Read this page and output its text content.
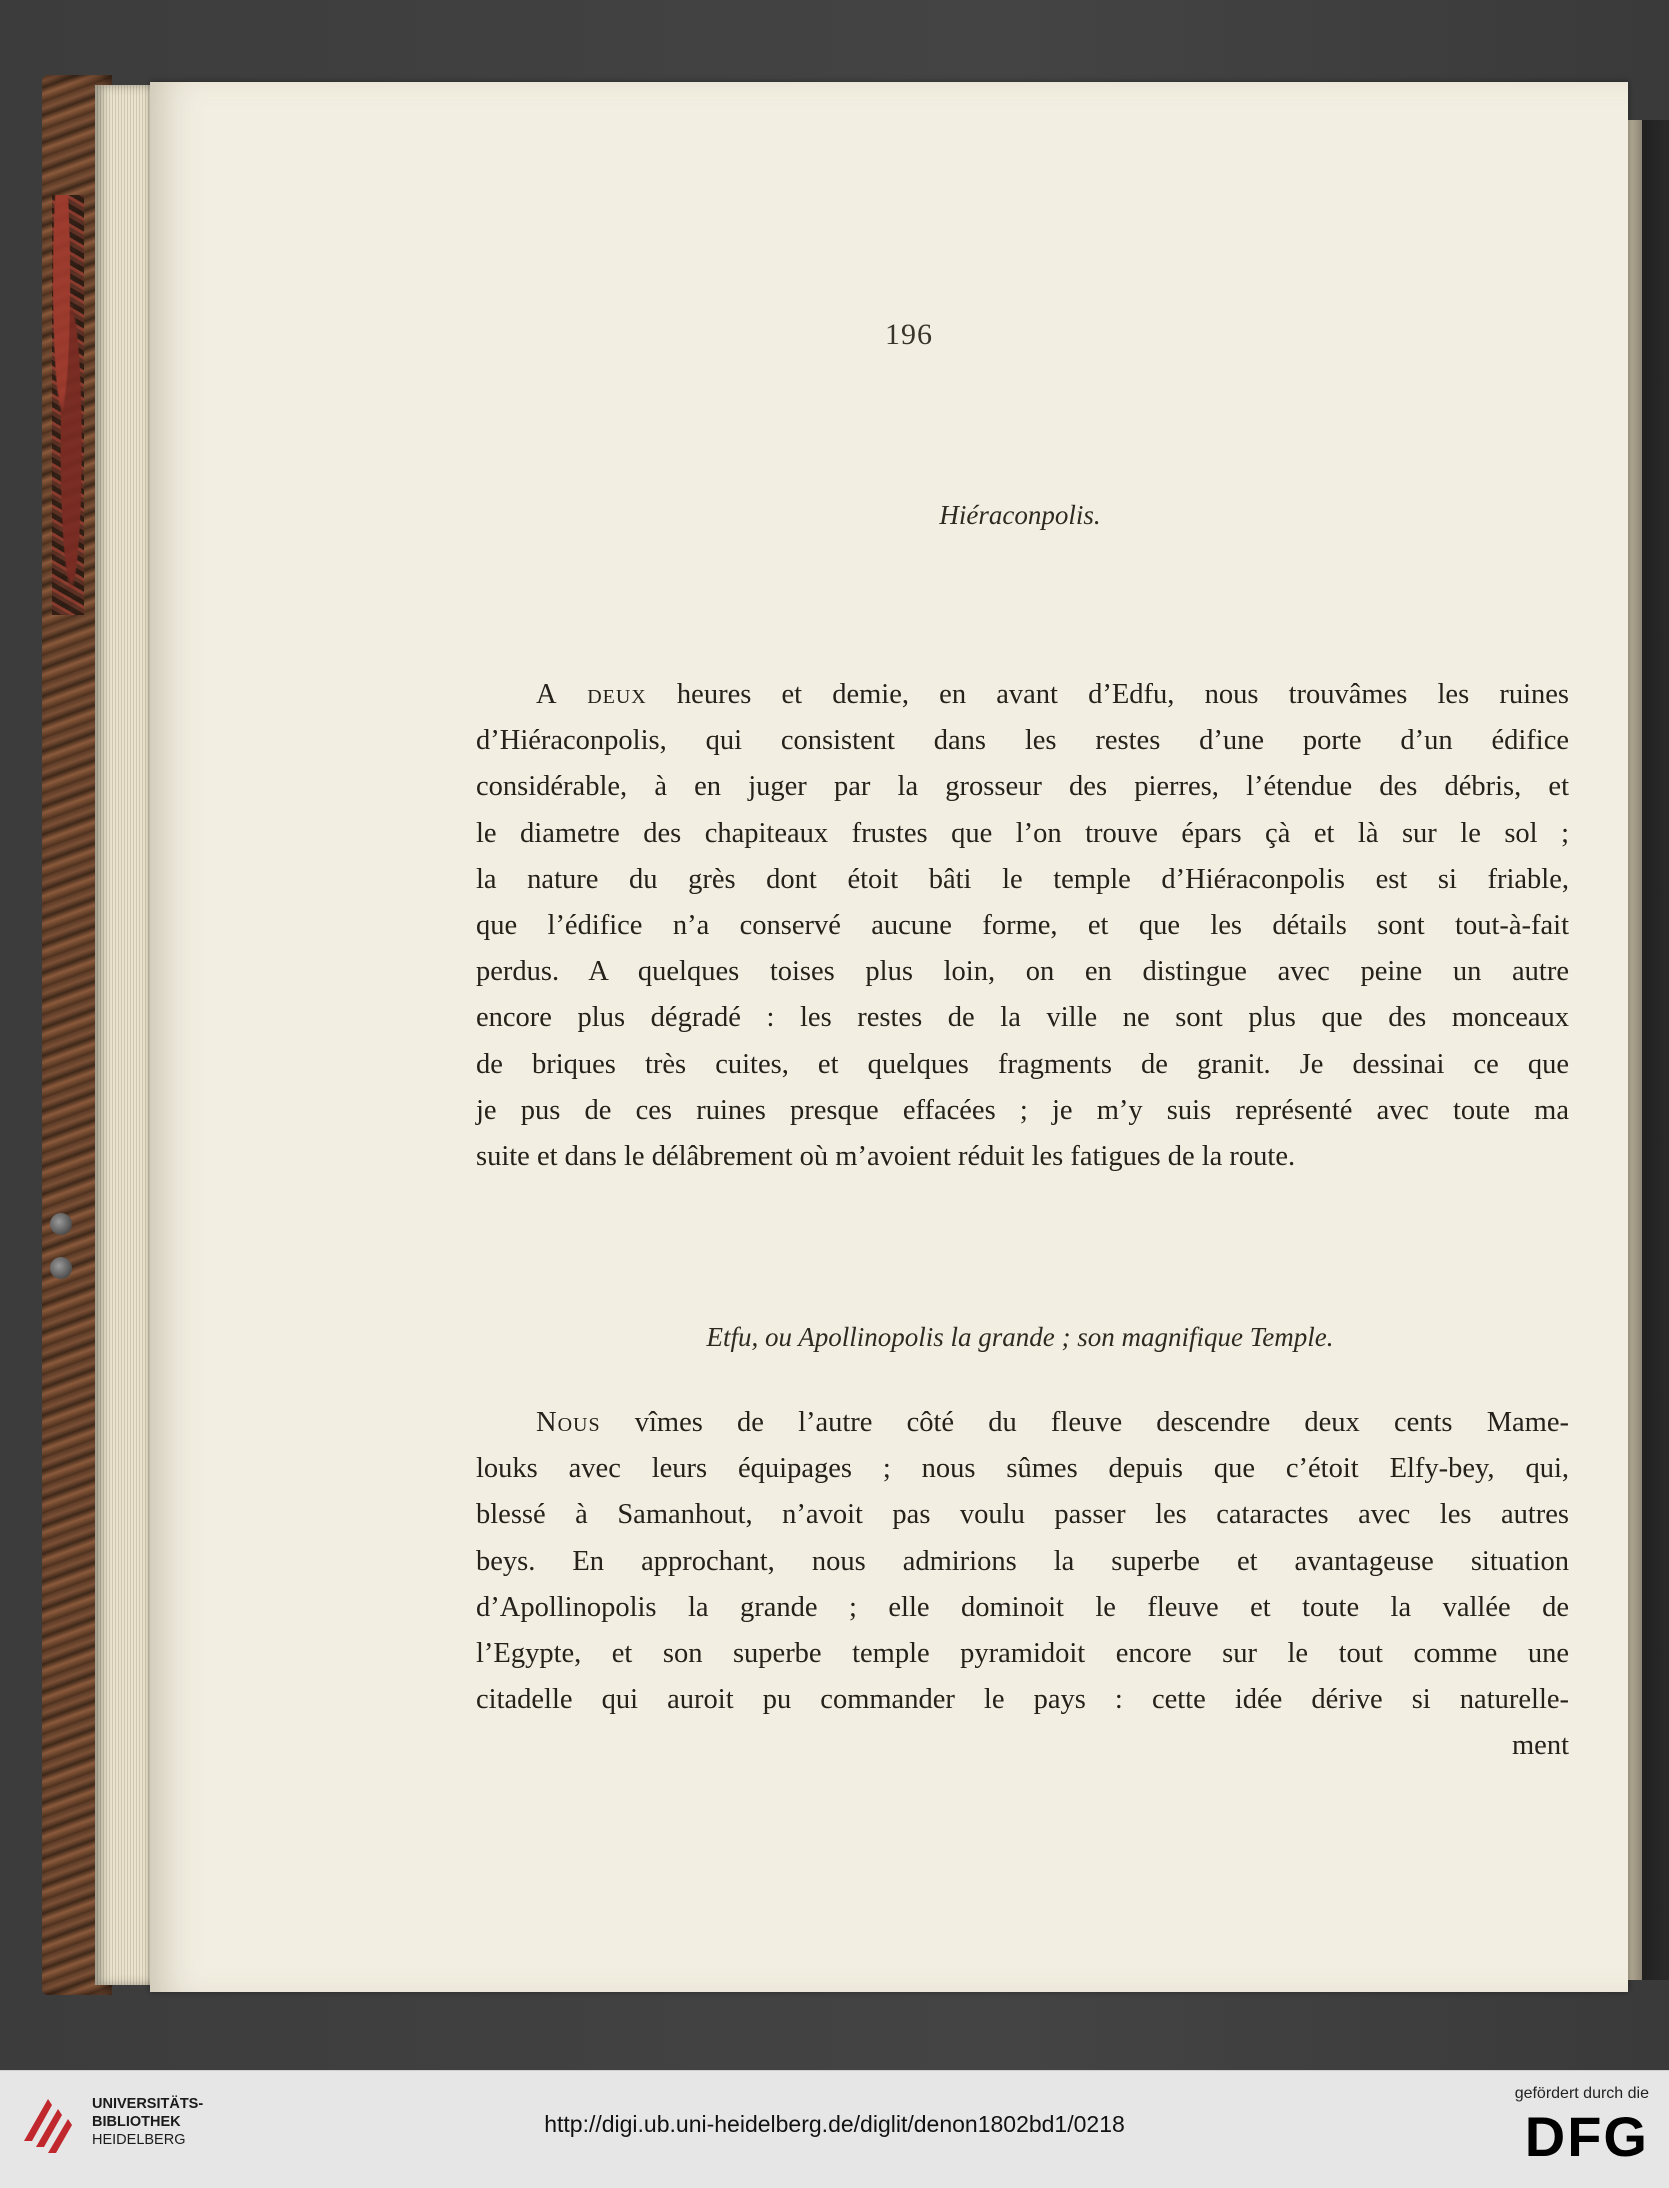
196
Hiéraconpolis.
A deux heures et demie, en avant d’Edfu, nous trouvâmes les ruines
d’Hiéraconpolis, qui consistent dans les restes d’une porte d’un édifice
considérable, à en juger par la grosseur des pierres, l’étendue des débris, et
le diametre des chapiteaux frustes que l’on trouve épars çà et là sur le sol ;
la nature du grès dont étoit bâti le temple d’Hiéraconpolis est si friable,
que l’édifice n’a conservé aucune forme, et que les détails sont tout-à-fait
perdus. A quelques toises plus loin, on en distingue avec peine un autre
encore plus dégradé : les restes de la ville ne sont plus que des monceaux
de briques très cuites, et quelques fragments de granit. Je dessinai ce que
je pus de ces ruines presque effacées ; je m’y suis représenté avec toute ma
suite et dans le délâbrement où m’avoient réduit les fatigues de la route.
Etfu, ou Apollinopolis la grande ; son magnifique Temple.
Nous vîmes de l’autre côté du fleuve descendre deux cents Mame-
louks avec leurs équipages ; nous sûmes depuis que c’étoit Elfy-bey, qui,
blessé à Samanhout, n’avoit pas voulu passer les cataractes avec les autres
beys. En approchant, nous admirions la superbe et avantageuse situation
d’Apollinopolis la grande ; elle dominoit le fleuve et toute la vallée de
l’Egypte, et son superbe temple pyramidoit encore sur le tout comme une
citadelle qui auroit pu commander le pays : cette idée dérive si naturelle-
ment
UNIVERSITÄTS-
BIBLIOTHEK
HEIDELBERG
http://digi.ub.uni-heidelberg.de/diglit/denon1802bd1/0218
gefördert durch die
DFG
